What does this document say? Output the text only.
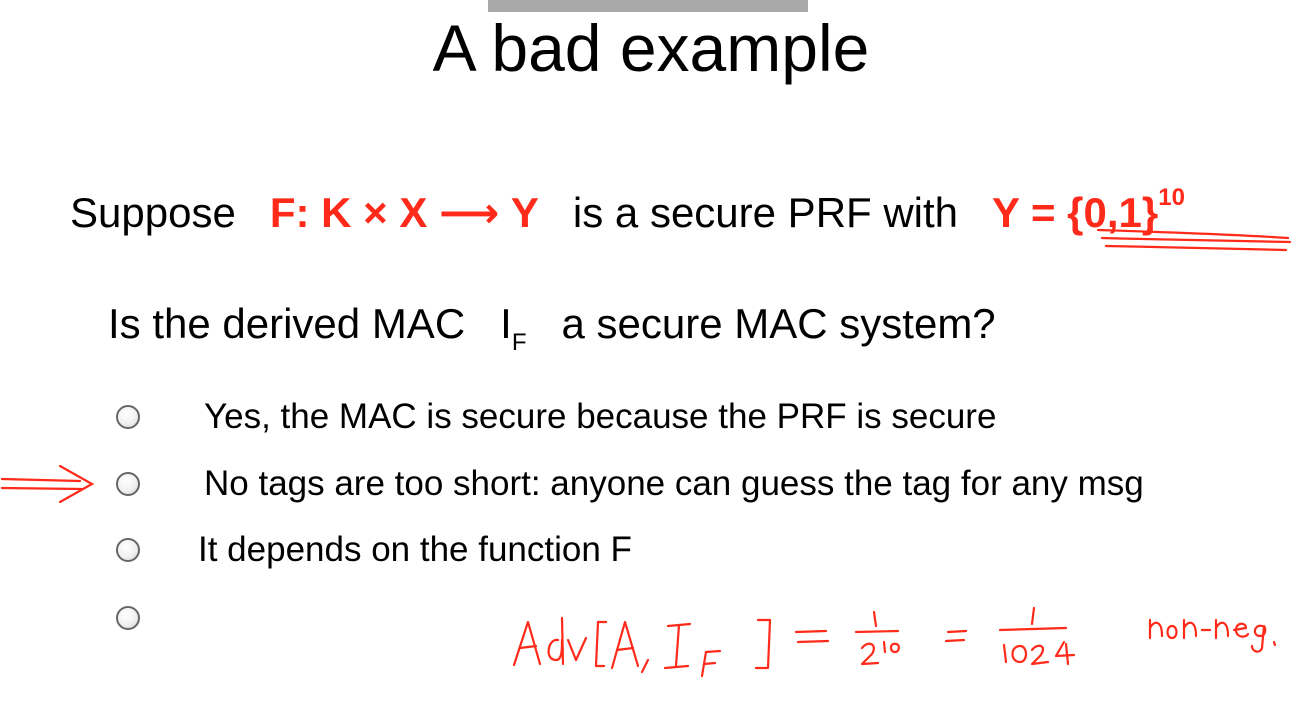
A bad example
Suppose F: K × X ⟶ Y is a secure PRF with $Y = \{0,1\}^{10}$
Is the derived MAC $I_F$ a secure MAC system?
Yes, the MAC is secure because the PRF is secure
No tags are too short: anyone can guess the tag for any msg
It depends on the function F
